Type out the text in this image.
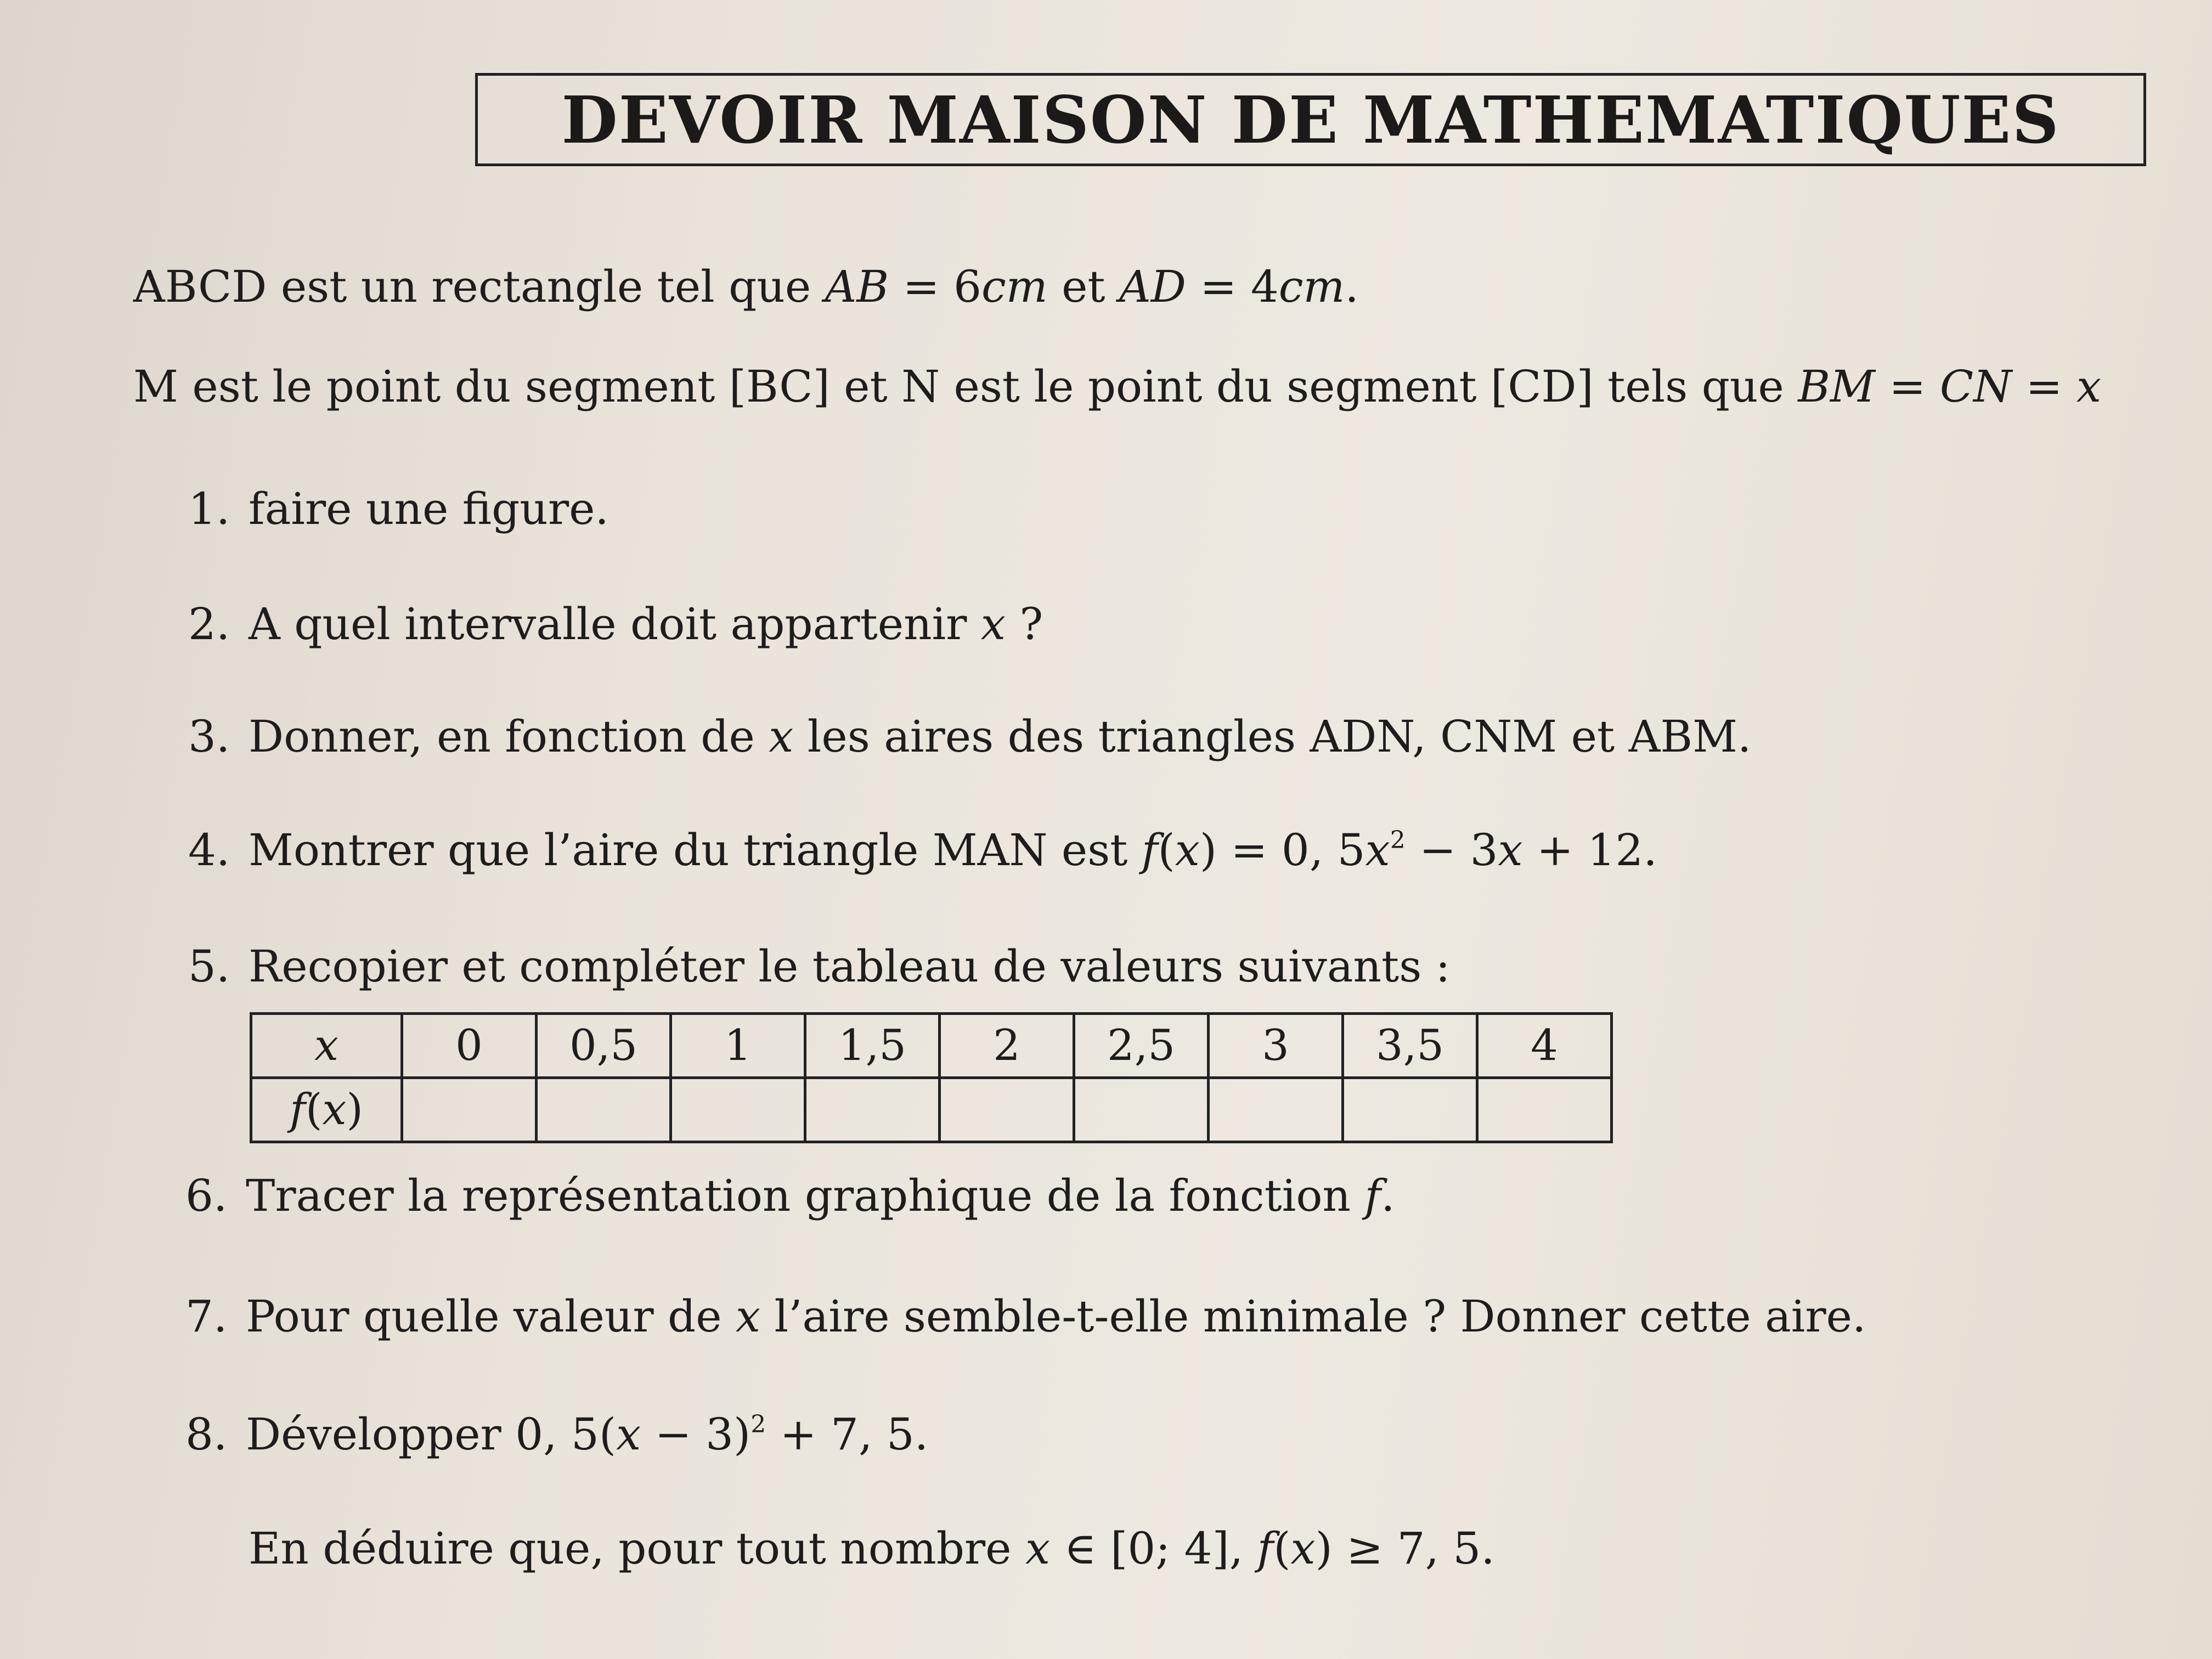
DEVOIR MAISON DE MATHEMATIQUES
ABCD est un rectangle tel que AB = 6cm et AD = 4cm.
M est le point du segment [BC] et N est le point du segment [CD] tels que BM = CN = x
1. faire une figure.
2. A quel intervalle doit appartenir x ?
3. Donner, en fonction de x les aires des triangles ADN, CNM et ABM.
4. Montrer que l’aire du triangle MAN est f(x) = 0, $5x^2 - 3x + 12$.
5. Recopier et compléter le tableau de valeurs suivants :
x	0	0,5	1	1,5	2	2,5	3	3,5	4
f(x)									
6. Tracer la représentation graphique de la fonction f.
7. Pour quelle valeur de x l’aire semble-t-elle minimale ? Donner cette aire.
8. Développer 0, $5(x - 3)^2 + 7$, 5.
En déduire que, pour tout nombre x ∈ [0; 4], f(x) ≥ 7, 5.
